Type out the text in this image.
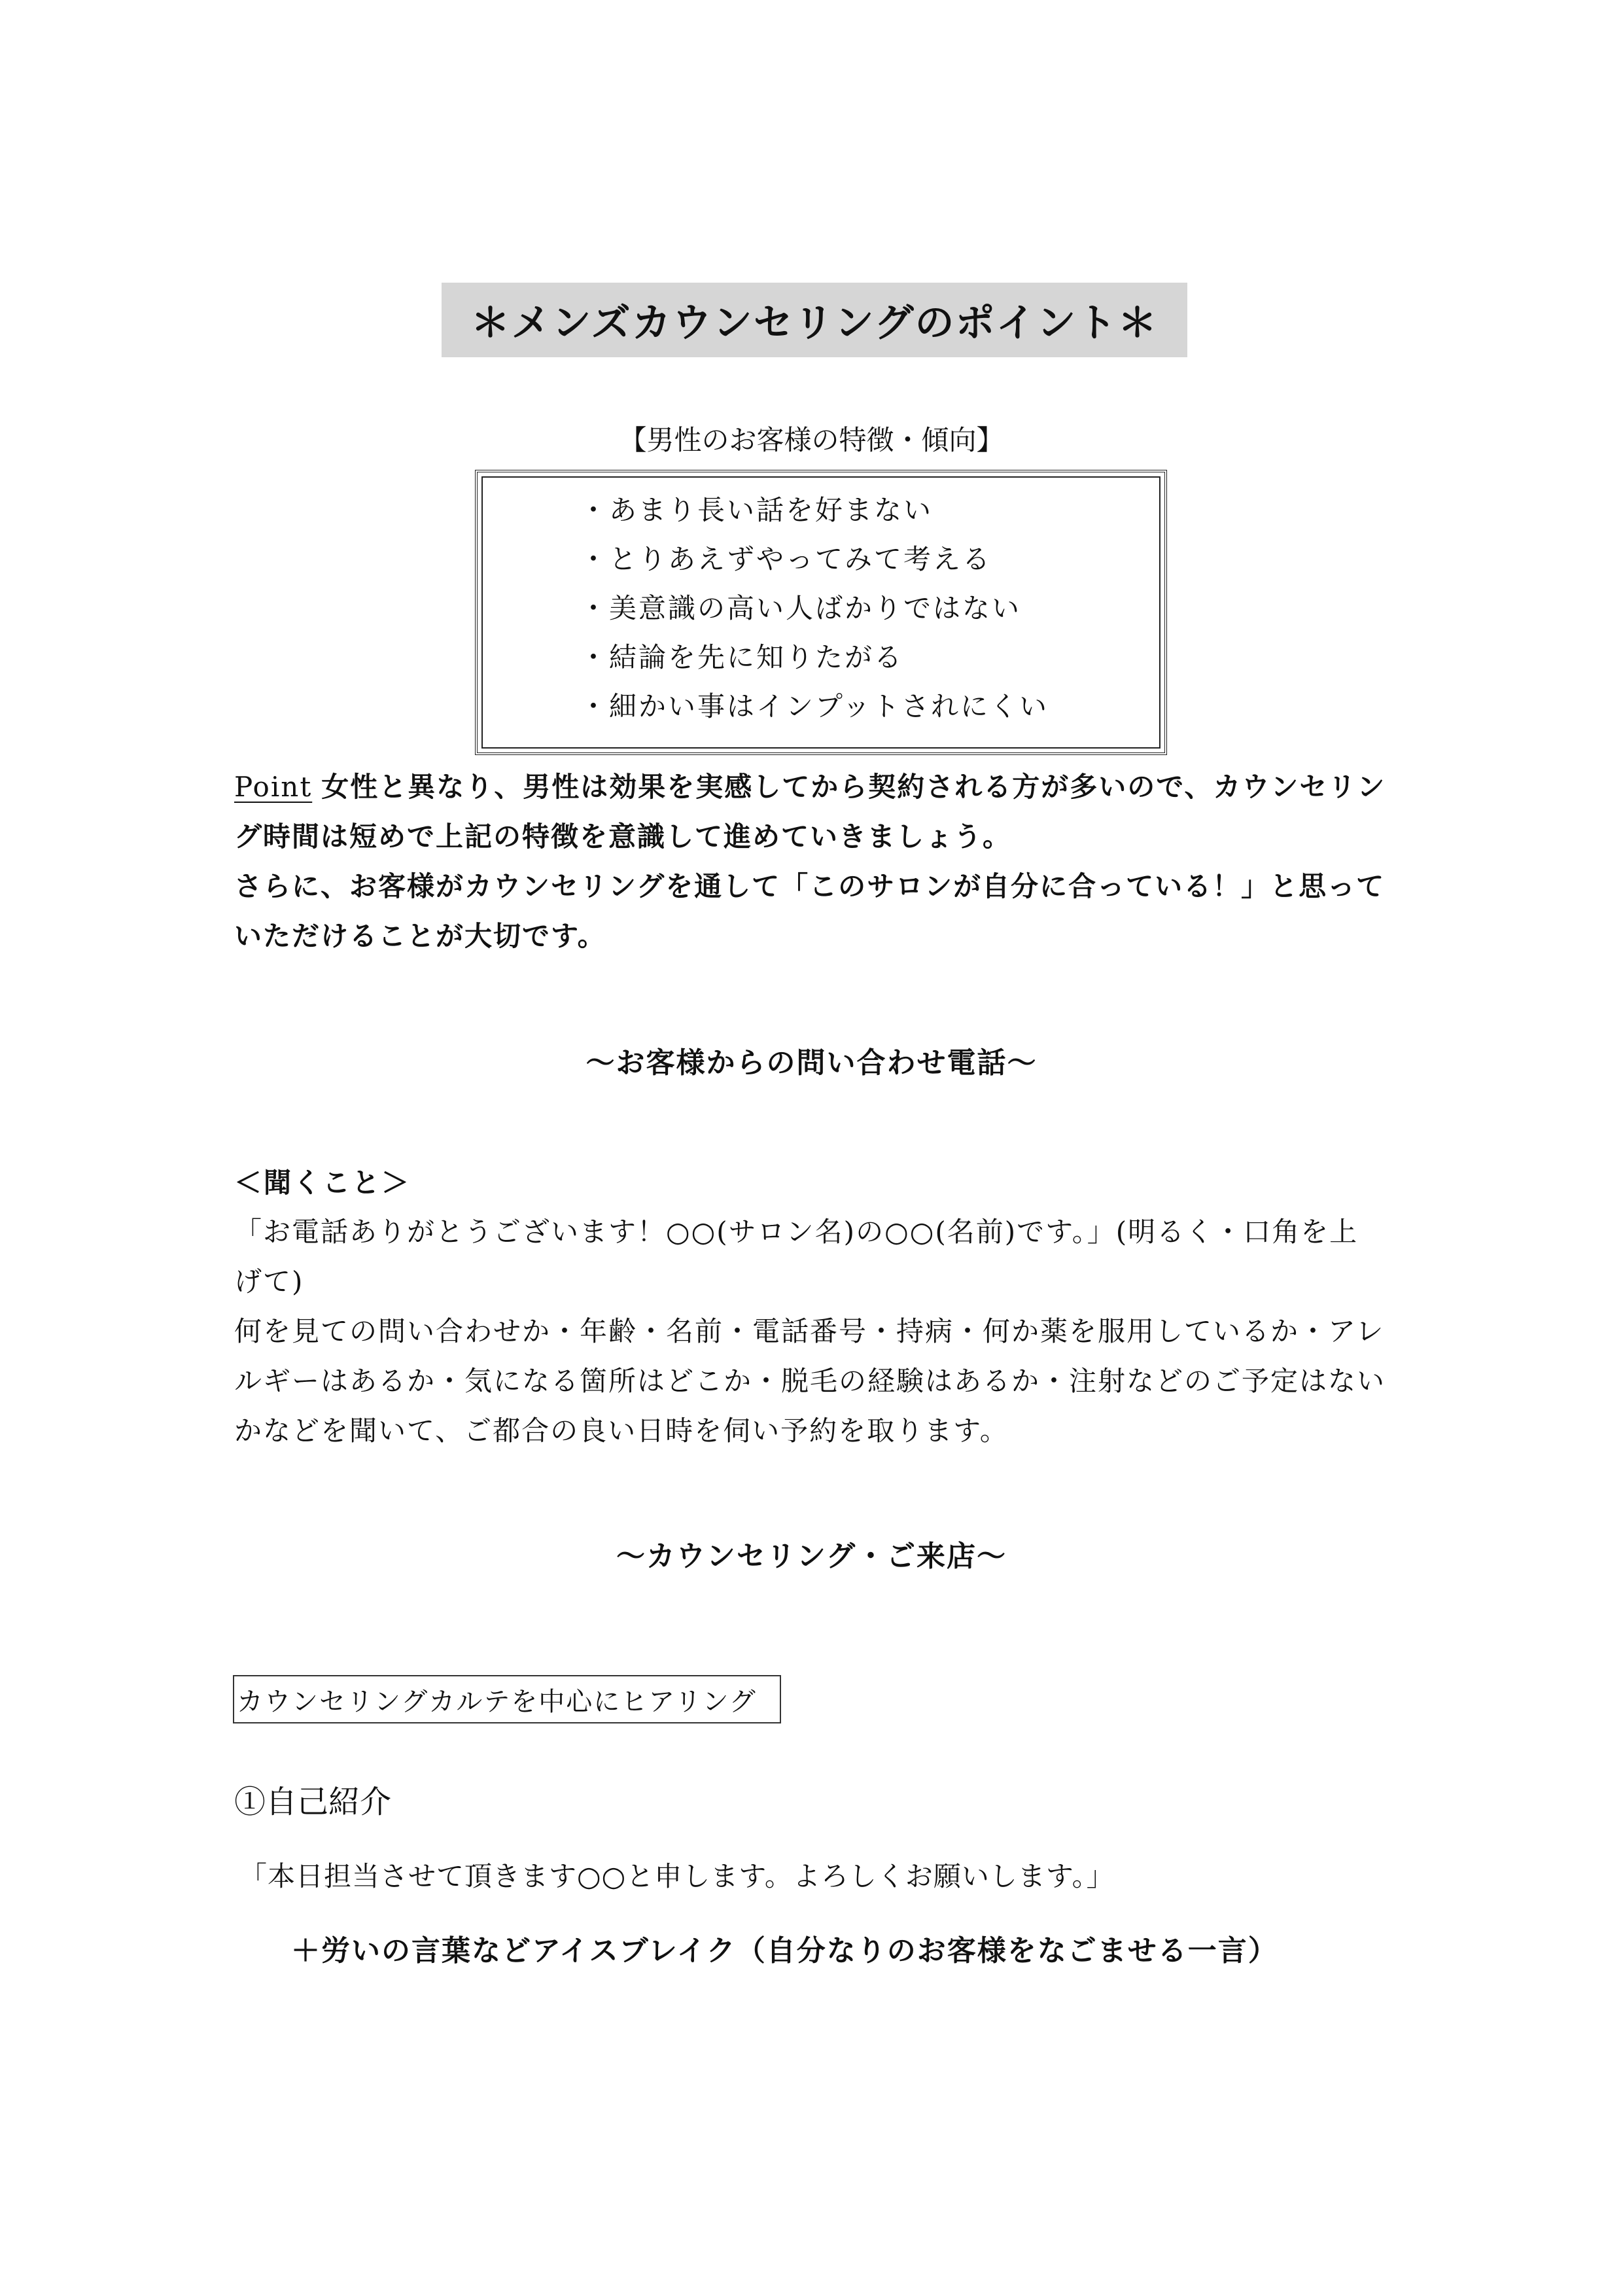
＊メンズカウンセリングのポイント＊
【男性のお客様の特徴・傾向】
・あまり長い話を好まない
・とりあえずやってみて考える
・美意識の高い人ばかりではない
・結論を先に知りたがる
・細かい事はインプットされにくい

Point 女性と異なり、男性は効果を実感してから契約される方が多いので、カウンセリン
グ時間は短めで上記の特徴を意識して進めていきましょう。
さらに、お客様がカウンセリングを通して「このサロンが自分に合っている！」と思って
いただけることが大切です。

〜お客様からの問い合わせ電話〜
＜聞くこと＞

「お電話ありがとうございます！○○(サロン名)の○○(名前)です。」(明るく・口角を上
げて)
何を見ての問い合わせか・年齢・名前・電話番号・持病・何か薬を服用しているか・アレ
ルギーはあるか・気になる箇所はどこか・脱毛の経験はあるか・注射などのご予定はない
かなどを聞いて、ご都合の良い日時を伺い予約を取ります。

〜カウンセリング・ご来店〜
カウンセリングカルテを中心にヒアリング
①自己紹介
「本日担当させて頂きます○○と申します。よろしくお願いします。」
＋労いの言葉などアイスブレイク（自分なりのお客様をなごませる一言）
